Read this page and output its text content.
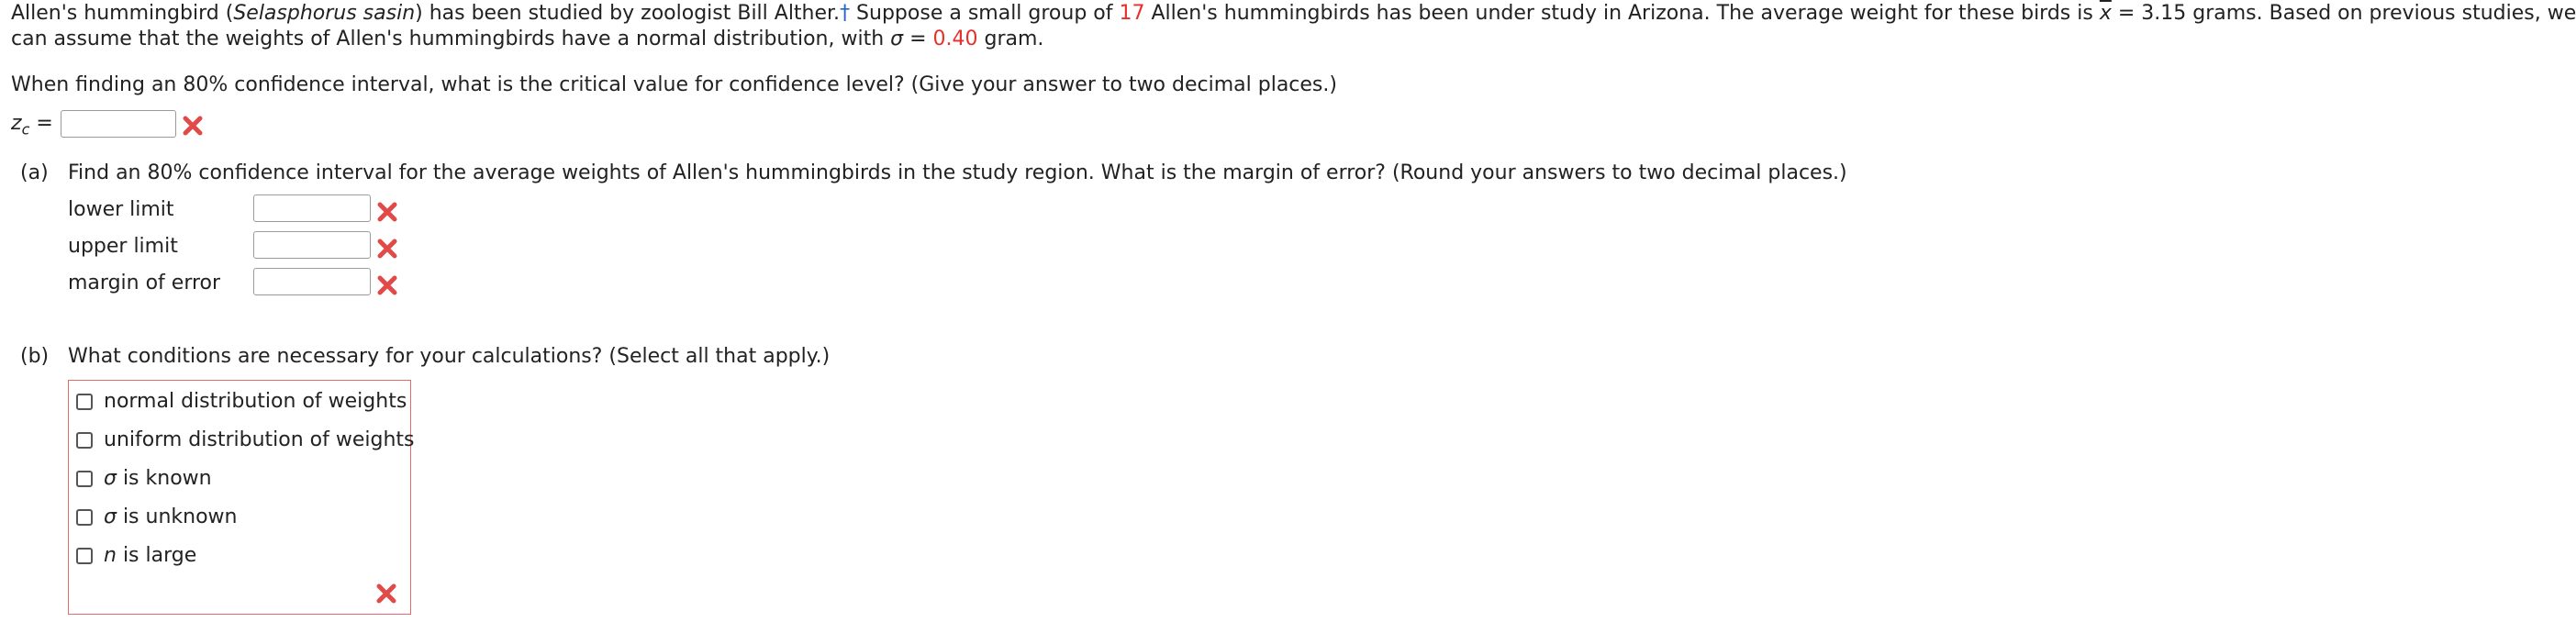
Allen's hummingbird (Selasphorus sasin) has been studied by zoologist Bill Alther.† Suppose a small group of 17 Allen's hummingbirds has been under study in Arizona. The average weight for these birds is $\overline{x} = 3.15$ grams. Based on previous studies, we
can assume that the weights of Allen's hummingbirds have a normal distribution, with σ = 0.40 gram.
When finding an 80% confidence interval, what is the critical value for confidence level? (Give your answer to two decimal places.)
$z_c$ =
(a) Find an 80% confidence interval for the average weights of Allen's hummingbirds in the study region. What is the margin of error? (Round your answers to two decimal places.)
lower limit
upper limit
margin of error
(b) What conditions are necessary for your calculations? (Select all that apply.)
normal distribution of weights
uniform distribution of weights
σ is known
σ is unknown
n is large
